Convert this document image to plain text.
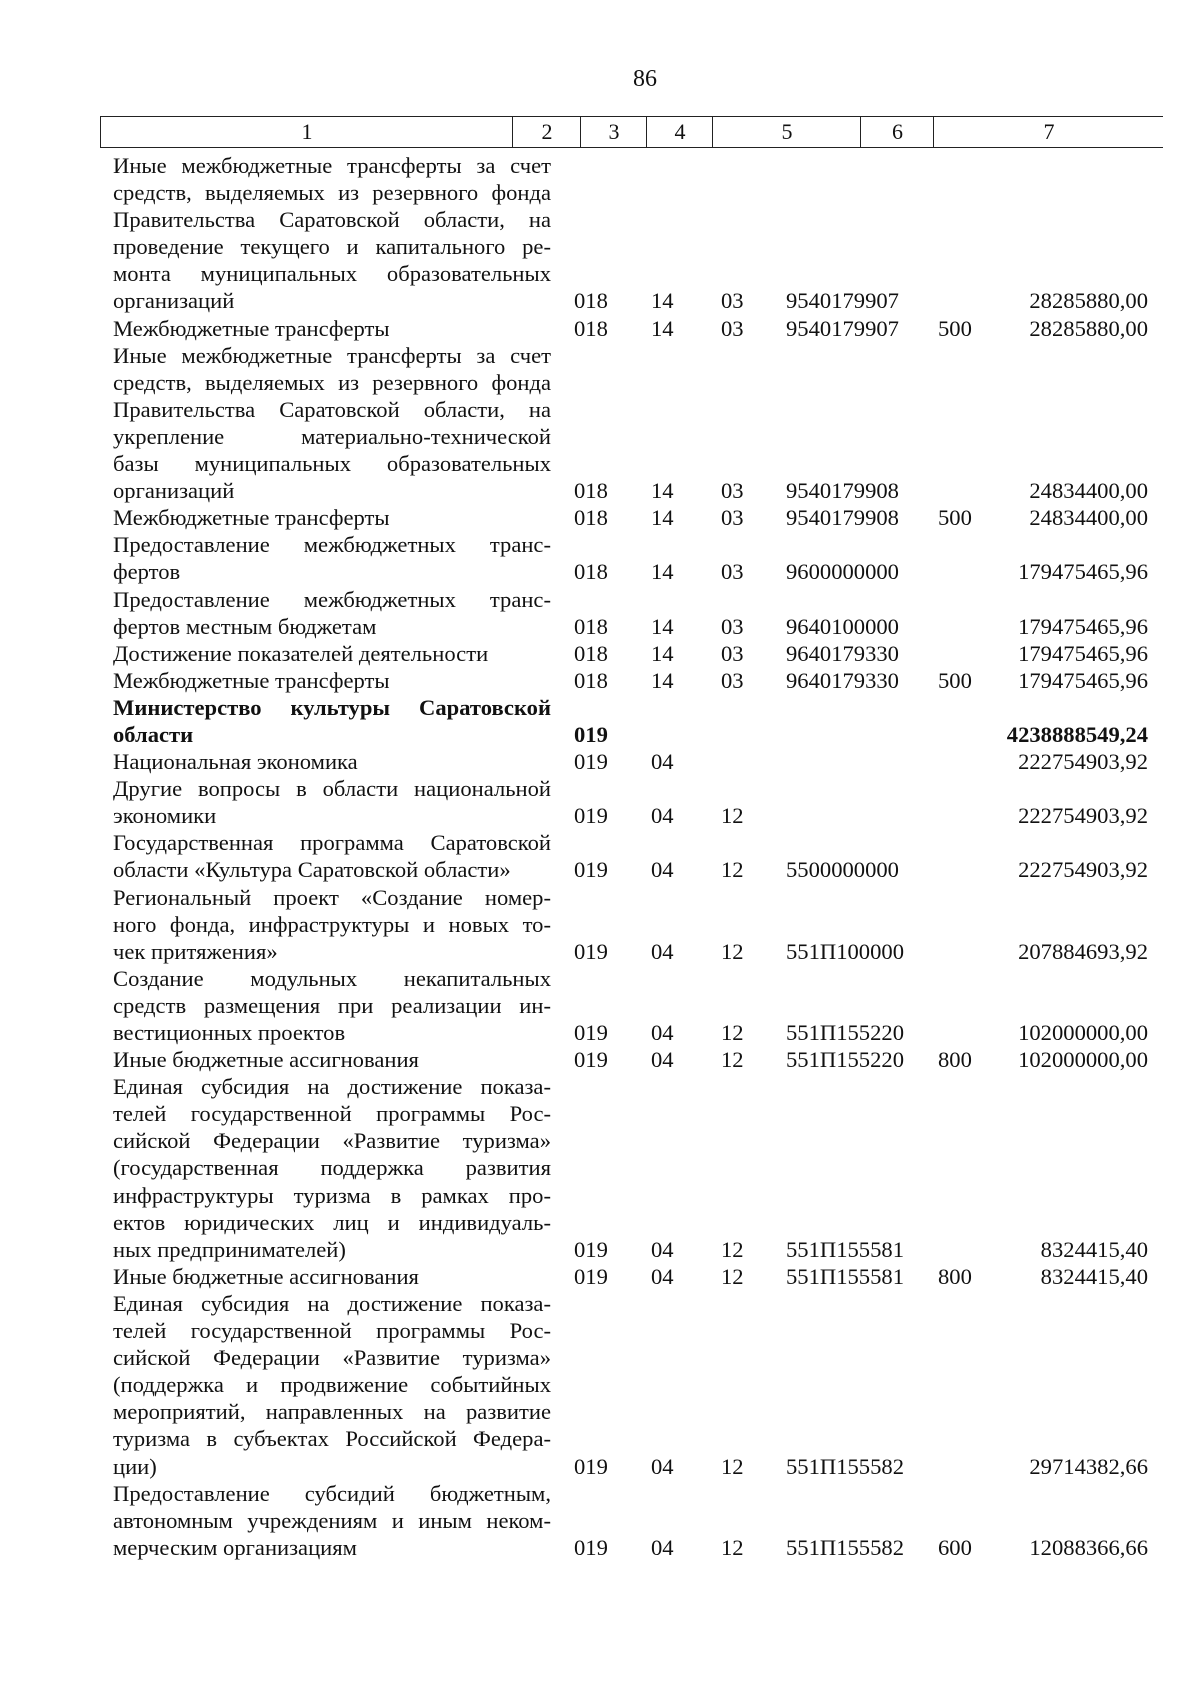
86
1	2	3	4	5	6	7
Иные межбюджетные трансферты за счет
средств, выделяемых из резервного фонда
Правительства Саратовской области, на
проведение текущего и капитального ре-
монта муниципальных образовательных
организаций	018 14 03 9540179907	28285880,00
Межбюджетные трансферты	018 14 03 9540179907 500	28285880,00
Иные межбюджетные трансферты за счет
средств, выделяемых из резервного фонда
Правительства Саратовской области, на
укрепление материально-технической
базы муниципальных образовательных
организаций	018 14 03 9540179908	24834400,00
Межбюджетные трансферты	018 14 03 9540179908 500	24834400,00
Предоставление межбюджетных транс-
фертов	018 14 03 9600000000	179475465,96
Предоставление межбюджетных транс-
фертов местным бюджетам	018 14 03 9640100000	179475465,96
Достижение показателей деятельности	018 14 03 9640179330	179475465,96
Межбюджетные трансферты	018 14 03 9640179330 500 179475465,96
Министерство культуры Саратовской
области	019	4238888549,24
Национальная экономика	019 04	222754903,92
Другие вопросы в области национальной
экономики	019 04 12	222754903,92
Государственная программа Саратовской
области «Культура Саратовской области»	019 04 12 5500000000	222754903,92
Региональный проект «Создание номер-
ного фонда, инфраструктуры и новых то-
чек притяжения»	019 04 12 551П100000	207884693,92
Создание модульных некапитальных
средств размещения при реализации ин-
вестиционных проектов	019 04 12 551П155220	102000000,00
Иные бюджетные ассигнования	019 04 12 551П155220 800 102000000,00
Единая субсидия на достижение показа-
телей государственной программы Рос-
сийской Федерации «Развитие туризма»
(государственная поддержка развития
инфраструктуры туризма в рамках про-
ектов юридических лиц и индивидуаль-
ных предпринимателей)	019 04 12 551П155581	8324415,40
Иные бюджетные ассигнования	019 04 12 551П155581 800	8324415,40
Единая субсидия на достижение показа-
телей государственной программы Рос-
сийской Федерации «Развитие туризма»
(поддержка и продвижение событийных
мероприятий, направленных на развитие
туризма в субъектах Российской Федера-
ции)	019 04 12 551П155582	29714382,66
Предоставление субсидий бюджетным,
автономным учреждениям и иным неком-
мерческим организациям	019 04 12 551П155582 600	12088366,66
